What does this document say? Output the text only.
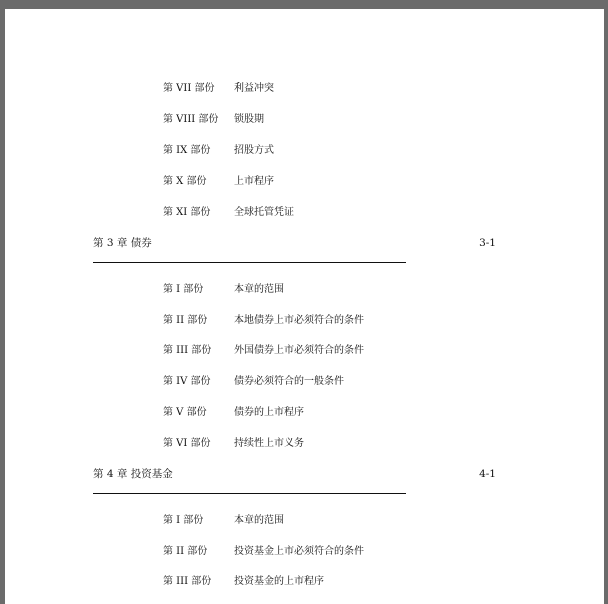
第 VII 部份 利益冲突
第 VIII 部份 锁股期
第 IX 部份 招股方式
第 X 部份	上市程序
第 XI 部份 全球托管凭证
第 3 章 债券	3-1
第 I 部份	本章的范围
第 II 部份	本地债券上市必须符合的条件
第 III 部份 外国债券上市必须符合的条件
第 IV 部份 债券必须符合的一般条件
第 V 部份	债券的上市程序
第 VI 部份 持续性上市义务
第 4 章 投资基金	4-1
第 I 部份	本章的范围
第 II 部份	投资基金上市必须符合的条件
第 III 部份 投资基金的上市程序
